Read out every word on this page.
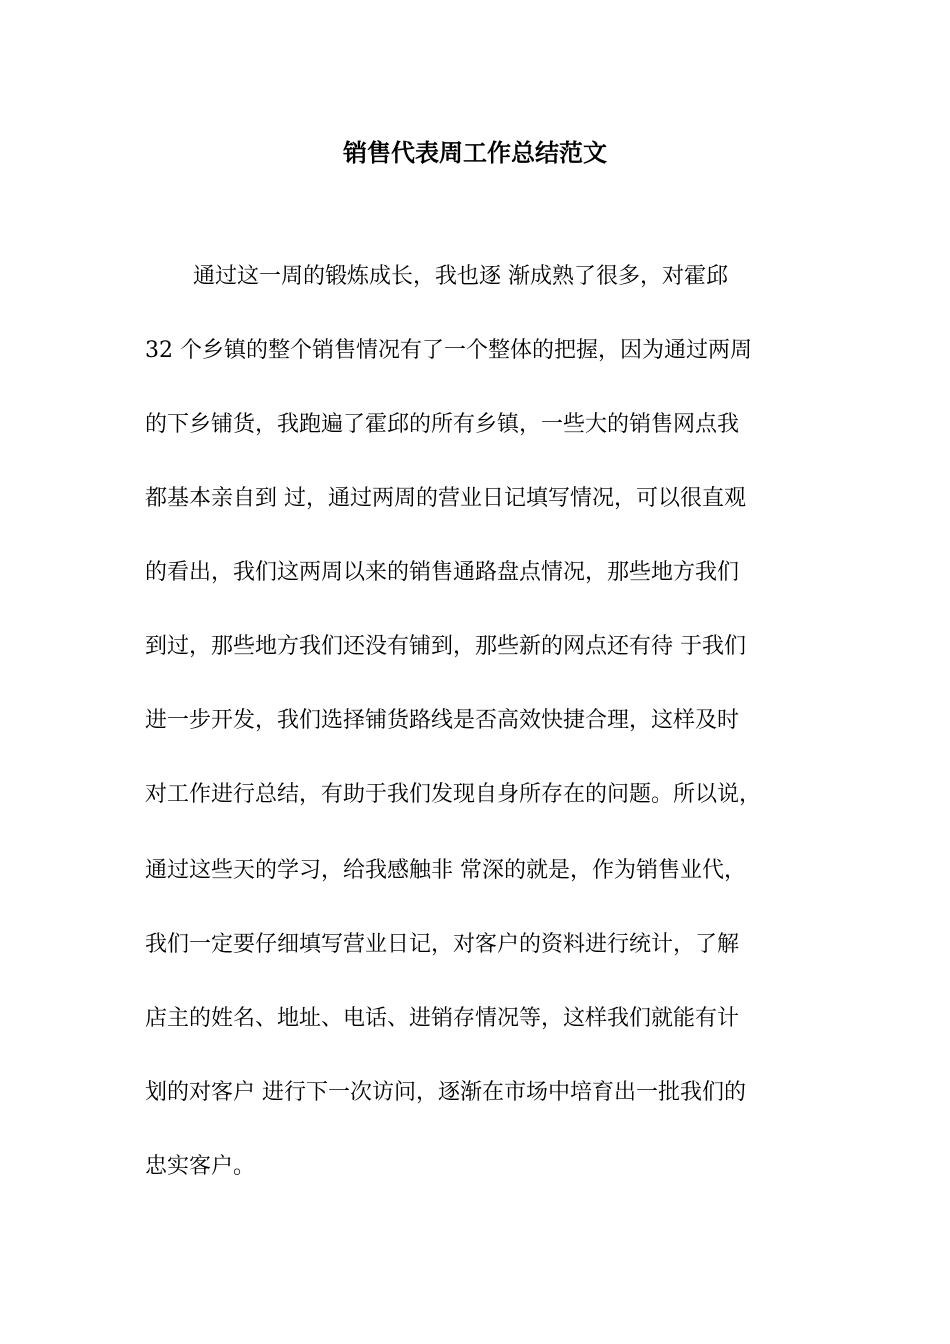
销售代表周工作总结范文
通过这一周的锻炼成长，我也逐 渐成熟了很多，对霍邱
32 个乡镇的整个销售情况有了一个整体的把握，因为通过两周
的下乡铺货，我跑遍了霍邱的所有乡镇，一些大的销售网点我
都基本亲自到 过，通过两周的营业日记填写情况，可以很直观
的看出，我们这两周以来的销售通路盘点情况，那些地方我们
到过，那些地方我们还没有铺到，那些新的网点还有待 于我们
进一步开发，我们选择铺货路线是否高效快捷合理，这样及时
对工作进行总结，有助于我们发现自身所存在的问题。所以说，
通过这些天的学习，给我感触非 常深的就是，作为销售业代，
我们一定要仔细填写营业日记，对客户的资料进行统计，了解
店主的姓名、地址、电话、进销存情况等，这样我们就能有计
划的对客户 进行下一次访问，逐渐在市场中培育出一批我们的
忠实客户。
